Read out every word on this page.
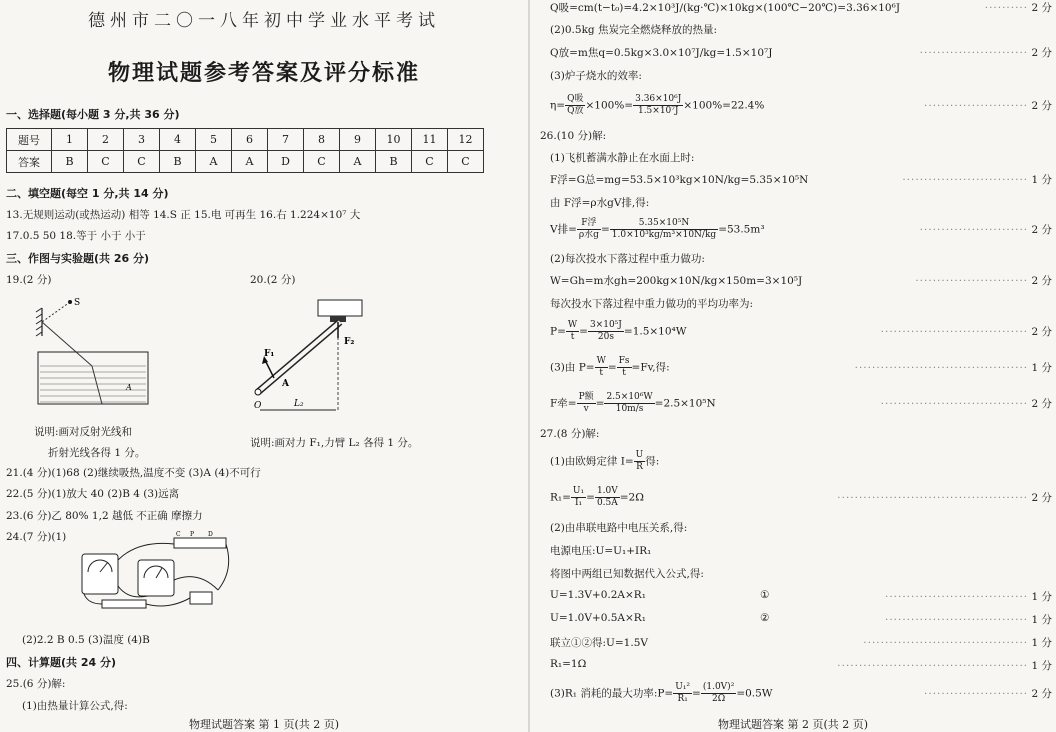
德州市二〇一八年初中学业水平考试
物理试题参考答案及评分标准
一、选择题(每小题 3 分,共 36 分)
题号	1	2	3	4	5	6	7	8	9	10	11	12
答案	B	C	C	B	A	A	D	C	A	B	C	C
二、填空题(每空 1 分,共 14 分)
13.无规则运动(或热运动) 相等 14.S 正 15.电 可再生 16.右 1.224×10⁷ 大
17.0.5 50 18.等于 小于 小于
三、作图与实验题(共 26 分)
19.(2 分)	20.(2 分)
S
A
F₁
F₂
A
O	L₂
说明:画对反射光线和
折射光线各得 1 分。
说明:画对力 F₁,力臂 L₂ 各得 1 分。
21.(4 分)(1)68 (2)继续吸热,温度不变 (3)A (4)不可行
22.(5 分)(1)放大 40 (2)B 4 (3)远离
23.(6 分)乙 80% 1,2 越低 不正确 摩擦力
24.(7 分)(1)	C P D
(2)2.2 B 0.5 (3)温度 (4)B
四、计算题(共 24 分)
25.(6 分)解:
(1)由热量计算公式,得:
物理试题答案 第 1 页(共 2 页)
Q吸=cm(t−t₀)=4.2×10³J/(kg·℃)×10kg×(100℃−20℃)=3.36×10⁶J	·········· 2 分
(2)0.5kg 焦炭完全燃烧释放的热量:
Q放=m焦q=0.5kg×3.0×10⁷J/kg=1.5×10⁷J	························· 2 分
(3)炉子烧水的效率:
η=
Q吸
Q放 $\times 100\%= \frac{\text{3.36×10⁶J}}{\text{1.5×10⁷J}} \times 100\%=22.4\%$	························ 2 分
26.(10 分)解:
(1)飞机蓄满水静止在水面上时:
F浮=G总=mg=53.5×10³kg×10N/kg=5.35×10⁵N	····························· 1 分
由 F浮=ρ水gV排,得:
V排=
F浮
ρ水$g = \frac{\text{5.35×10⁵N}}{\text{1.0×10³kg/m³×10N/kg}} =53.5m^3$	························· 2 分
(2)每次投水下落过程中重力做功:
W=Gh=m水gh=200kg×10N/kg×150m=3×10⁵J	·························· 2 分
每次投水下落过程中重力做功的平均功率为:
$P= \frac{W}{t} = \frac{\text{3×10⁵J}}{20s} =1.5\times 10^4W$	·································· 2 分
(3)由 $P= \frac{W}{t} = \frac{Fs}{t} =Fv$,得:	········································ 1 分
F牵=
P额
$v = \frac{\text{2.5×10⁶W}}{10m/s} =2.5\times 10^5N$	·································· 2 分
27.(8 分)解:
(1)由欧姆定律 $I= \frac{U}{R}$ 得:
$R_1= \frac{\text{U₁}}{\text{I₁}} = \frac{1.0V}{0.5A} =2\Omega$	············································ 2 分
(2)由串联电路中电压关系,得:
电源电压:U=U₁+IR₁
将图中两组已知数据代入公式,得:
U=1.3V+0.2A×R₁	①	································· 1 分
U=1.0V+0.5A×R₁	②	································· 1 分
联立①②得:U=1.5V	······································ 1 分
R₁=1Ω	············································ 1 分
(3)R₁ 消耗的最大功率:P= $\frac{\text{U₁²}}{\text{R₁}} = \frac{\text{(1.0V)²}}{2\Omega} =0.5W$	························ 2 分
物理试题答案 第 2 页(共 2 页)
